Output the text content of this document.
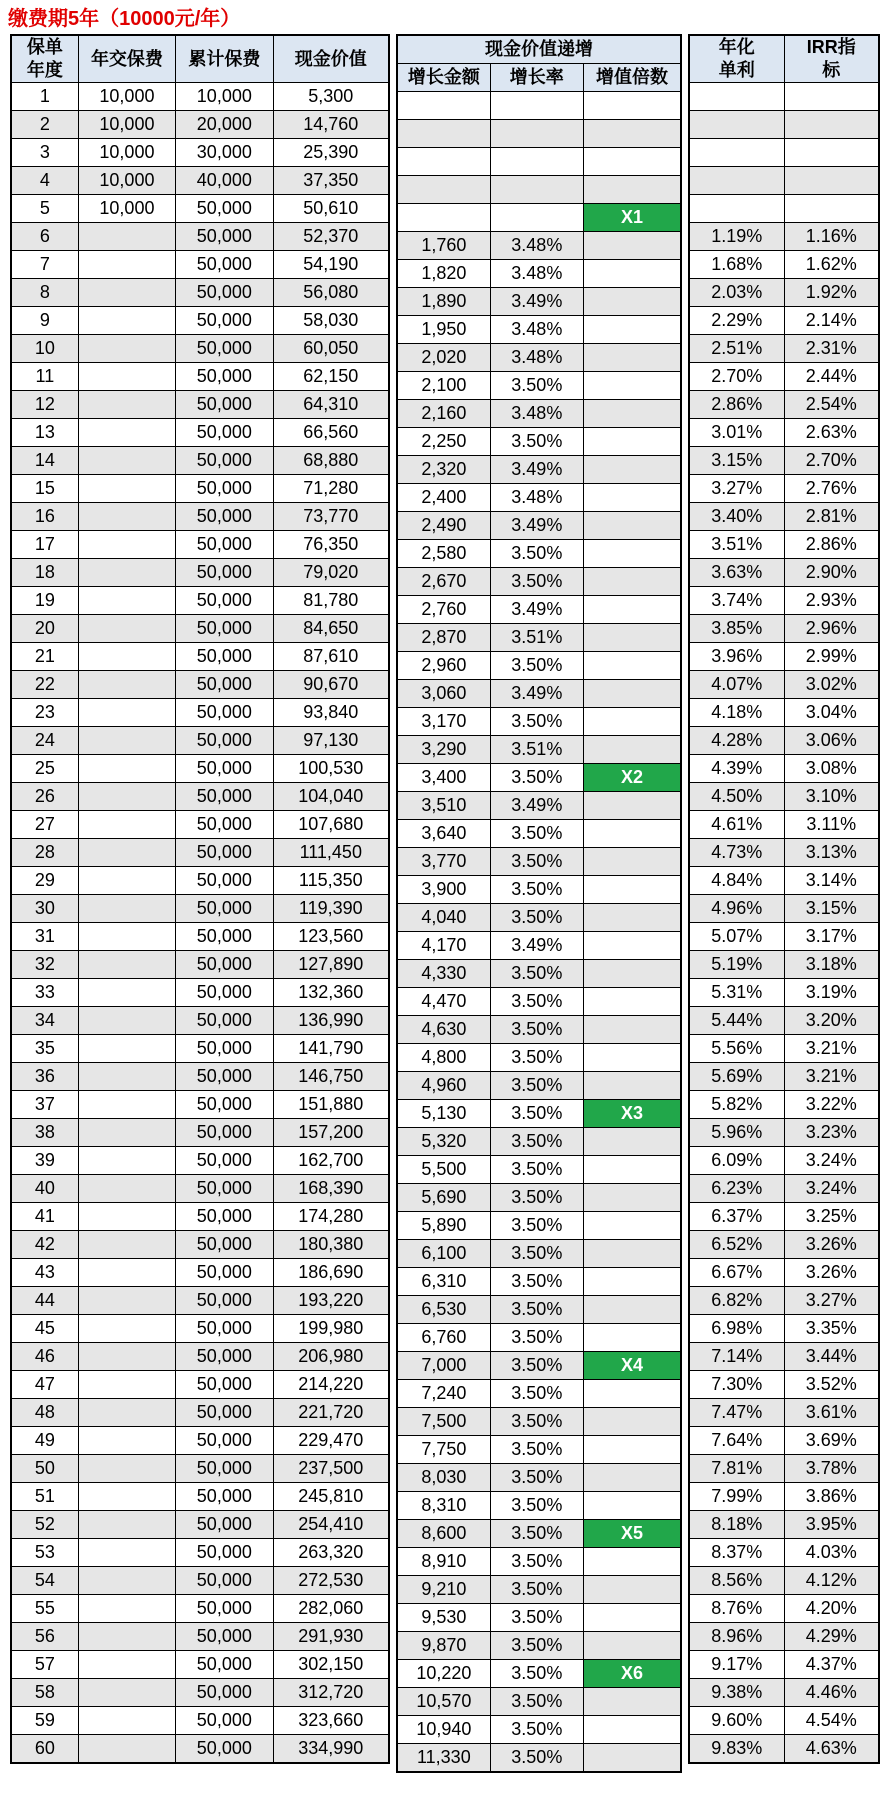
缴费期5年（10000元/年）
保单年度	年交保费	累计保费	现金价值

1	10,000	10,000	5,300
2	10,000	20,000	14,760
3	10,000	30,000	25,390
4	10,000	40,000	37,350
5	10,000	50,000	50,610
6		50,000	52,370
7		50,000	54,190
8		50,000	56,080
9		50,000	58,030
10		50,000	60,050
11		50,000	62,150
12		50,000	64,310
13		50,000	66,560
14		50,000	68,880
15		50,000	71,280
16		50,000	73,770
17		50,000	76,350
18		50,000	79,020
19		50,000	81,780
20		50,000	84,650
21		50,000	87,610
22		50,000	90,670
23		50,000	93,840
24		50,000	97,130
25		50,000	100,530
26		50,000	104,040
27		50,000	107,680
28		50,000	111,450
29		50,000	115,350
30		50,000	119,390
31		50,000	123,560
32		50,000	127,890
33		50,000	132,360
34		50,000	136,990
35		50,000	141,790
36		50,000	146,750
37		50,000	151,880
38		50,000	157,200
39		50,000	162,700
40		50,000	168,390
41		50,000	174,280
42		50,000	180,380
43		50,000	186,690
44		50,000	193,220
45		50,000	199,980
46		50,000	206,980
47		50,000	214,220
48		50,000	221,720
49		50,000	229,470
50		50,000	237,500
51		50,000	245,810
52		50,000	254,410
53		50,000	263,320
54		50,000	272,530
55		50,000	282,060
56		50,000	291,930
57		50,000	302,150
58		50,000	312,720
59		50,000	323,660
60		50,000	334,990
现金价值递增		
增长金额	增长率	增值倍数

		X1
1,760	3.48%	
1,820	3.48%	
1,890	3.49%	
1,950	3.48%	
2,020	3.48%	
2,100	3.50%	
2,160	3.48%	
2,250	3.50%	
2,320	3.49%	
2,400	3.48%	
2,490	3.49%	
2,580	3.50%	
2,670	3.50%	
2,760	3.49%	
2,870	3.51%	
2,960	3.50%	
3,060	3.49%	
3,170	3.50%	
3,290	3.51%	
3,400	3.50%	X2
3,510	3.49%	
3,640	3.50%	
3,770	3.50%	
3,900	3.50%	
4,040	3.50%	
4,170	3.49%	
4,330	3.50%	
4,470	3.50%	
4,630	3.50%	
4,800	3.50%	
4,960	3.50%	
5,130	3.50%	X3
5,320	3.50%	
5,500	3.50%	
5,690	3.50%	
5,890	3.50%	
6,100	3.50%	
6,310	3.50%	
6,530	3.50%	
6,760	3.50%	
7,000	3.50%	X4
7,240	3.50%	
7,500	3.50%	
7,750	3.50%	
8,030	3.50%	
8,310	3.50%	
8,600	3.50%	X5
8,910	3.50%	
9,210	3.50%	
9,530	3.50%	
9,870	3.50%	
10,220	3.50%	X6
10,570	3.50%	
10,940	3.50%	
11,330	3.50%	
年化单利	IRR指标

1.19%	1.16%
1.68%	1.62%
2.03%	1.92%
2.29%	2.14%
2.51%	2.31%
2.70%	2.44%
2.86%	2.54%
3.01%	2.63%
3.15%	2.70%
3.27%	2.76%
3.40%	2.81%
3.51%	2.86%
3.63%	2.90%
3.74%	2.93%
3.85%	2.96%
3.96%	2.99%
4.07%	3.02%
4.18%	3.04%
4.28%	3.06%
4.39%	3.08%
4.50%	3.10%
4.61%	3.11%
4.73%	3.13%
4.84%	3.14%
4.96%	3.15%
5.07%	3.17%
5.19%	3.18%
5.31%	3.19%
5.44%	3.20%
5.56%	3.21%
5.69%	3.21%
5.82%	3.22%
5.96%	3.23%
6.09%	3.24%
6.23%	3.24%
6.37%	3.25%
6.52%	3.26%
6.67%	3.26%
6.82%	3.27%
6.98%	3.35%
7.14%	3.44%
7.30%	3.52%
7.47%	3.61%
7.64%	3.69%
7.81%	3.78%
7.99%	3.86%
8.18%	3.95%
8.37%	4.03%
8.56%	4.12%
8.76%	4.20%
8.96%	4.29%
9.17%	4.37%
9.38%	4.46%
9.60%	4.54%
9.83%	4.63%
